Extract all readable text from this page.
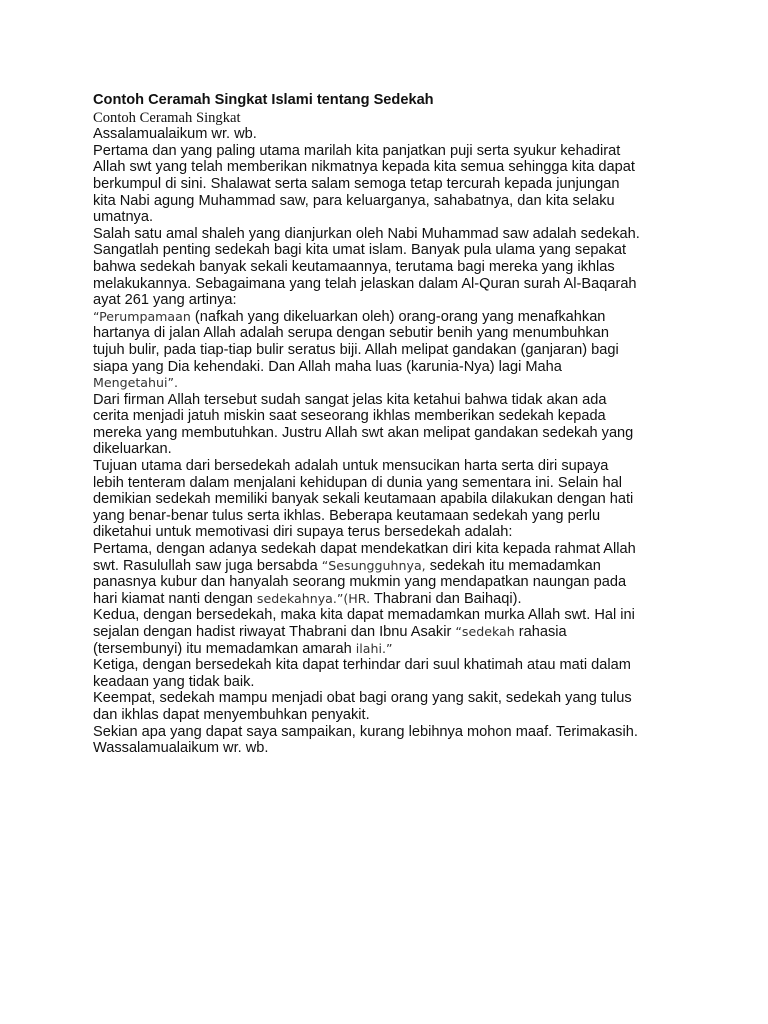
Contoh Ceramah Singkat Islami tentang Sedekah
Contoh Ceramah Singkat
Assalamualaikum wr. wb.
Pertama dan yang paling utama marilah kita panjatkan puji serta syukur kehadirat
Allah swt yang telah memberikan nikmatnya kepada kita semua sehingga kita dapat
berkumpul di sini. Shalawat serta salam semoga tetap tercurah kepada junjungan
kita Nabi agung Muhammad saw, para keluarganya, sahabatnya, dan kita selaku
umatnya.
Salah satu amal shaleh yang dianjurkan oleh Nabi Muhammad saw adalah sedekah.
Sangatlah penting sedekah bagi kita umat islam. Banyak pula ulama yang sepakat
bahwa sedekah banyak sekali keutamaannya, terutama bagi mereka yang ikhlas
melakukannya. Sebagaimana yang telah jelaskan dalam Al-Quran surah Al-Baqarah
ayat 261 yang artinya:
“Perumpamaan (nafkah yang dikeluarkan oleh) orang-orang yang menafkahkan
hartanya di jalan Allah adalah serupa dengan sebutir benih yang menumbuhkan
tujuh bulir, pada tiap-tiap bulir seratus biji. Allah melipat gandakan (ganjaran) bagi
siapa yang Dia kehendaki. Dan Allah maha luas (karunia-Nya) lagi Maha
Mengetahui”.
Dari firman Allah tersebut sudah sangat jelas kita ketahui bahwa tidak akan ada
cerita menjadi jatuh miskin saat seseorang ikhlas memberikan sedekah kepada
mereka yang membutuhkan. Justru Allah swt akan melipat gandakan sedekah yang
dikeluarkan.
Tujuan utama dari bersedekah adalah untuk mensucikan harta serta diri supaya
lebih tenteram dalam menjalani kehidupan di dunia yang sementara ini. Selain hal
demikian sedekah memiliki banyak sekali keutamaan apabila dilakukan dengan hati
yang benar-benar tulus serta ikhlas. Beberapa keutamaan sedekah yang perlu
diketahui untuk memotivasi diri supaya terus bersedekah adalah:
Pertama, dengan adanya sedekah dapat mendekatkan diri kita kepada rahmat Allah
swt. Rasulullah saw juga bersabda “Sesungguhnya, sedekah itu memadamkan
panasnya kubur dan hanyalah seorang mukmin yang mendapatkan naungan pada
hari kiamat nanti dengan sedekahnya.”(HR. Thabrani dan Baihaqi).
Kedua, dengan bersedekah, maka kita dapat memadamkan murka Allah swt. Hal ini
sejalan dengan hadist riwayat Thabrani dan Ibnu Asakir “sedekah rahasia
(tersembunyi) itu memadamkan amarah ilahi.”
Ketiga, dengan bersedekah kita dapat terhindar dari suul khatimah atau mati dalam
keadaan yang tidak baik.
Keempat, sedekah mampu menjadi obat bagi orang yang sakit, sedekah yang tulus
dan ikhlas dapat menyembuhkan penyakit.
Sekian apa yang dapat saya sampaikan, kurang lebihnya mohon maaf. Terimakasih.
Wassalamualaikum wr. wb.
